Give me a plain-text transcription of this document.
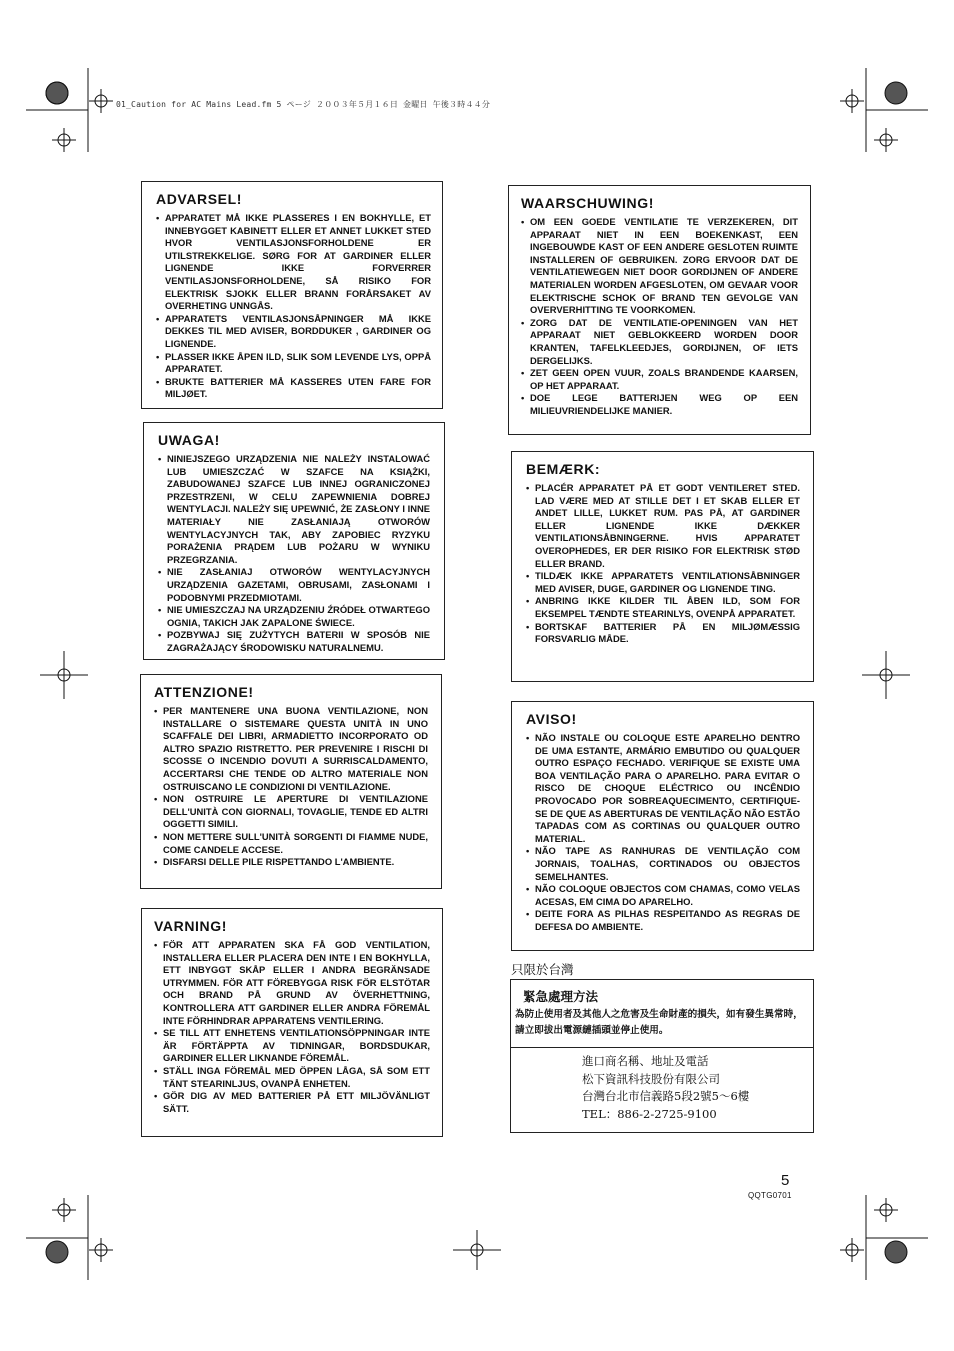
01_Caution for AC Mains Lead.fm 5 ページ ２００３年５月１６日 金曜日 午後３時４４分
ADVARSEL!
• APPARATET MÅ IKKE PLASSERES I EN BOKHYLLE, ET INNEBYGGET KABINETT ELLER ET ANNET LUKKET STED HVOR VENTILASJONSFORHOLDENE ER UTILSTREKKELIGE. SØRG FOR AT GARDINER ELLER LIGNENDE IKKE FORVERRER VENTILASJONSFORHOLDENE, SÅ RISIKO FOR ELEKTRISK SJOKK ELLER BRANN FORÅRSAKET AV OVERHETING UNNGÅS.
• APPARATETS VENTILASJONSÅPNINGER MÅ IKKE DEKKES TIL MED AVISER, BORDDUKER , GARDINER OG LIGNENDE.
• PLASSER IKKE ÅPEN ILD, SLIK SOM LEVENDE LYS, OPPÅ APPARATET.
• BRUKTE BATTERIER MÅ KASSERES UTEN FARE FOR MILJØET.
UWAGA!
• NINIEJSZEGO URZĄDZENIA NIE NALEŻY INSTALOWAĆ LUB UMIESZCZAĆ W SZAFCE NA KSIĄŻKI, ZABUDOWANEJ SZAFCE LUB INNEJ OGRANICZONEJ PRZESTRZENI, W CELU ZAPEWNIENIA DOBREJ WENTYLACJI. NALEŻY SIĘ UPEWNIĆ, ŻE ZASŁONY I INNE MATERIAŁY NIE ZASŁANIAJĄ OTWORÓW WENTYLACYJNYCH TAK, ABY ZAPOBIEC RYZYKU PORAŻENIA PRĄDEM LUB POŻARU W WYNIKU PRZEGRZANIA.
• NIE ZASŁANIAJ OTWORÓW WENTYLACYJNYCH URZĄDZENIA GAZETAMI, OBRUSAMI, ZASŁONAMI I PODOBNYMI PRZEDMIOTAMI.
• NIE UMIESZCZAJ NA URZĄDZENIU ŹRÓDEŁ OTWARTEGO OGNIA, TAKICH JAK ZAPALONE ŚWIECE.
• POZBYWAJ SIĘ ZUŻYTYCH BATERII W SPOSÓB NIE ZAGRAŻAJĄCY ŚRODOWISKU NATURALNEMU.
ATTENZIONE!
• PER MANTENERE UNA BUONA VENTILAZIONE, NON INSTALLARE O SISTEMARE QUESTA UNITÀ IN UNO SCAFFALE DEI LIBRI, ARMADIETTO INCORPORATO OD ALTRO SPAZIO RISTRETTO. PER PREVENIRE I RISCHI DI SCOSSE O INCENDIO DOVUTI A SURRISCALDAMENTO, ACCERTARSI CHE TENDE OD ALTRO MATERIALE NON OSTRUISCANO LE CONDIZIONI DI VENTILAZIONE.
• NON OSTRUIRE LE APERTURE DI VENTILAZIONE DELL'UNITÀ CON GIORNALI, TOVAGLIE, TENDE ED ALTRI OGGETTI SIMILI.
• NON METTERE SULL'UNITÀ SORGENTI DI FIAMME NUDE, COME CANDELE ACCESE.
• DISFARSI DELLE PILE RISPETTANDO L'AMBIENTE.
VARNING!
• FÖR ATT APPARATEN SKA FÅ GOD VENTILATION, INSTALLERA ELLER PLACERA DEN INTE I EN BOKHYLLA, ETT INBYGGT SKÅP ELLER I ANDRA BEGRÄNSADE UTRYMMEN. FÖR ATT FÖREBYGGA RISK FÖR ELSTÖTAR OCH BRAND PÅ GRUND AV ÖVERHETTNING, KONTROLLERA ATT GARDINER ELLER ANDRA FÖREMÅL INTE FÖRHINDRAR APPARATENS VENTILERING.
• SE TILL ATT ENHETENS VENTILATIONSÖPPNINGAR INTE ÄR FÖRTÄPPTA AV TIDNINGAR, BORDSDUKAR, GARDINER ELLER LIKNANDE FÖREMÅL.
• STÄLL INGA FÖREMÅL MED ÖPPEN LÅGA, SÅ SOM ETT TÄNT STEARINLJUS, OVANPÅ ENHETEN.
• GÖR DIG AV MED BATTERIER PÅ ETT MILJÖVÄNLIGT SÄTT.
WAARSCHUWING!
• OM EEN GOEDE VENTILATIE TE VERZEKEREN, DIT APPARAAT NIET IN EEN BOEKENKAST, EEN INGEBOUWDE KAST OF EEN ANDERE GESLOTEN RUIMTE INSTALLEREN OF GEBRUIKEN. ZORG ERVOOR DAT DE VENTILATIEWEGEN NIET DOOR GORDIJNEN OF ANDERE MATERIALEN WORDEN AFGESLOTEN, OM GEVAAR VOOR ELEKTRISCHE SCHOK OF BRAND TEN GEVOLGE VAN OVERVERHITTING TE VOORKOMEN.
• ZORG DAT DE VENTILATIE-OPENINGEN VAN HET APPARAAT NIET GEBLOKKEERD WORDEN DOOR KRANTEN, TAFELKLEEDJES, GORDIJNEN, OF IETS DERGELIJKS.
• ZET GEEN OPEN VUUR, ZOALS BRANDENDE KAARSEN, OP HET APPARAAT.
• DOE LEGE BATTERIJEN WEG OP EEN MILIEUVRIENDELIJKE MANIER.
BEMÆRK:
• PLACÉR APPARATET PÅ ET GODT VENTILERET STED. LAD VÆRE MED AT STILLE DET I ET SKAB ELLER ET ANDET LILLE, LUKKET RUM. PAS PÅ, AT GARDINER ELLER LIGNENDE IKKE DÆKKER VENTILATIONSÅBNINGERNE. HVIS APPARATET OVEROPHEDES, ER DER RISIKO FOR ELEKTRISK STØD ELLER BRAND.
• TILDÆK IKKE APPARATETS VENTILATIONSÅBNINGER MED AVISER, DUGE, GARDINER OG LIGNENDE TING.
• ANBRING IKKE KILDER TIL ÅBEN ILD, SOM FOR EKSEMPEL TÆNDTE STEARINLYS, OVENPÅ APPARATET.
• BORTSKAF BATTERIER PÅ EN MILJØMÆSSIG FORSVARLIG MÅDE.
AVISO!
• NÃO INSTALE OU COLOQUE ESTE APARELHO DENTRO DE UMA ESTANTE, ARMÁRIO EMBUTIDO OU QUALQUER OUTRO ESPAÇO FECHADO. VERIFIQUE SE EXISTE UMA BOA VENTILAÇÃO PARA O APARELHO. PARA EVITAR O RISCO DE CHOQUE ELÉCTRICO OU INCÊNDIO PROVOCADO POR SOBREAQUECIMENTO, CERTIFIQUE-SE DE QUE AS ABERTURAS DE VENTILAÇÃO NÃO ESTÃO TAPADAS COM AS CORTINAS OU QUALQUER OUTRO MATERIAL.
• NÃO TAPE AS RANHURAS DE VENTILAÇÃO COM JORNAIS, TOALHAS, CORTINADOS OU OBJECTOS SEMELHANTES.
• NÃO COLOQUE OBJECTOS COM CHAMAS, COMO VELAS ACESAS, EM CIMA DO APARELHO.
• DEITE FORA AS PILHAS RESPEITANDO AS REGRAS DE DEFESA DO AMBIENTE.
只限於台灣
緊急處理方法
為防止使用者及其他人之危害及生命財產的損失，如有發生異常時，請立即拔出電源縺插頭並停止使用。
進口商名稱、地址及電話
松下資訊科技股份有限公司
台灣台北市信義路5段2號5～6樓
TEL：886-2-2725-9100
5
QQTG0701
